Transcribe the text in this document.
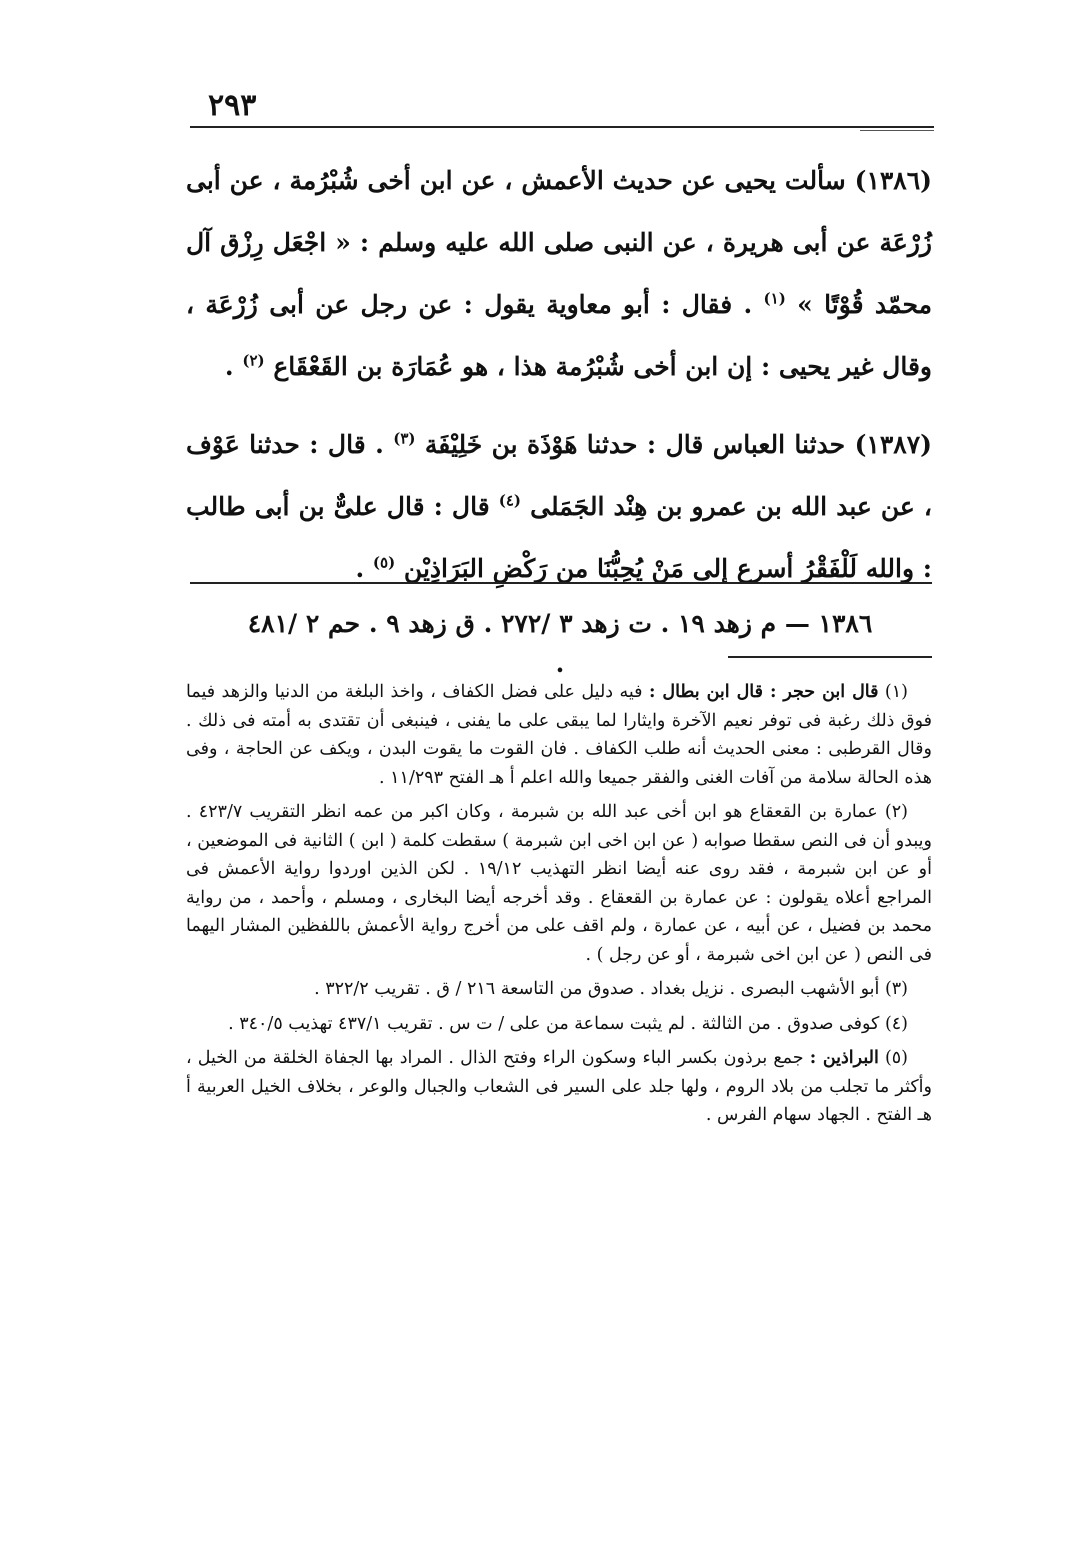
٢٩٣

(١٣٨٦) سألت يحيى عن حديث الأعمش ، عن ابن أخى شُبْرُمة ، عن أبى زُرْعَة عن أبى هريرة ، عن النبى صلى الله عليه وسلم : « اجْعَل رِزْق آل محمّد قُوْتًا » $^{(١)}$ . فقال : أبو معاوية يقول : عن رجل عن أبى زُرْعَة ، وقال غير يحيى : إن ابن أخى شُبْرُمة هذا ، هو عُمَارَة بن القَعْقَاع $^{(٢)}$ .

(١٣٨٧) حدثنا العباس قال : حدثنا هَوْذَة بن خَلِيْفَة $^{(٣)}$ . قال : حدثنا عَوْف ، عن عبد الله بن عمرو بن هِنْد الجَمَلى $^{(٤)}$ قال : قال علىٌّ بن أبى طالب : والله لَلْفَقْرُ أسرع إلى مَنْ يُحِبُّنَا من رَكْضِ البَرَاذِيْن $^{(٥)}$ .

١٣٨٦ — م زهد ١٩ . ت زهد ٣ /٢٧٢ . ق زهد ٩ . حم ٢ /٤٨١ .

(١) قال ابن حجر : قال ابن بطال : فيه دليل على فضل الكفاف ، واخذ البلغة من الدنيا والزهد فيما فوق ذلك رغبة فى توفر نعيم الآخرة وايثارا لما يبقى على ما يفنى ، فينبغى أن تقتدى به أمته فى ذلك . وقال القرطبى : معنى الحديث أنه طلب الكفاف . فان القوت ما يقوت البدن ، ويكف عن الحاجة ، وفى هذه الحالة سلامة من آفات الغنى والفقر جميعا والله اعلم أ هـ الفتح ١١/٢٩٣ .

(٢) عمارة بن القعقاع هو ابن أخى عبد الله بن شبرمة ، وكان اكبر من عمه انظر التقريب ٤٢٣/٧ . ويبدو أن فى النص سقطا صوابه ( عن ابن اخى ابن شبرمة ) سقطت كلمة ( ابن ) الثانية فى الموضعين ، أو عن ابن شبرمة ، فقد روى عنه أيضا انظر التهذيب ١٩/١٢ . لكن الذين اوردوا رواية الأعمش فى المراجع أعلاه يقولون : عن عمارة بن القعقاع . وقد أخرجه أيضا البخارى ، ومسلم ، وأحمد ، من رواية محمد بن فضيل ، عن أبيه ، عن عمارة ، ولم اقف على من أخرج رواية الأعمش باللفظين المشار اليهما فى النص ( عن ابن اخى شبرمة ، أو عن رجل ) .

(٣) أبو الأشهب البصرى . نزيل بغداد . صدوق من التاسعة ٢١٦ / ق . تقريب ٣٢٢/٢ .

(٤) كوفى صدوق . من الثالثة . لم يثبت سماعة من على / ت س . تقريب ٤٣٧/١ تهذيب ٣٤٠/٥ .

(٥) البراذين : جمع برذون بكسر الباء وسكون الراء وفتح الذال . المراد بها الجفاة الخلقة من الخيل ، وأكثر ما تجلب من بلاد الروم ، ولها جلد على السير فى الشعاب والجبال والوعر ، بخلاف الخيل العربية أ هـ الفتح . الجهاد سهام الفرس .
